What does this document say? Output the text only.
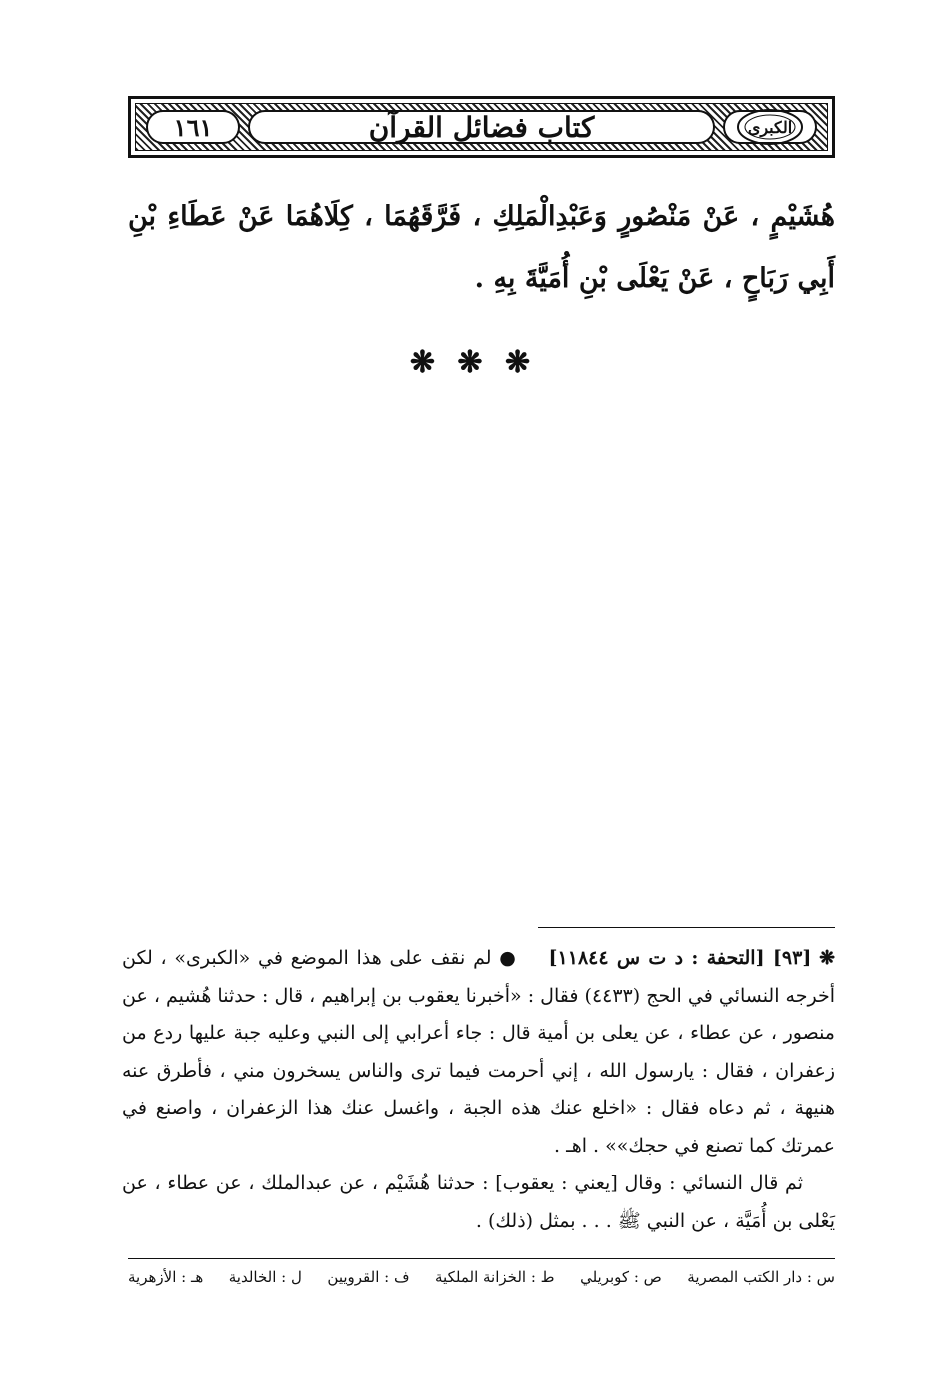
الكبرى
كتاب فضائل القرآن
١٦١
هُشَيْمٍ ، عَنْ مَنْصُورٍ وَعَبْدِالْمَلِكِ ، فَرَّقَهُمَا ، كِلَاهُمَا عَنْ عَطَاءِ بْنِ أَبِي رَبَاحٍ ، عَنْ يَعْلَى بْنِ أُمَيَّةَ بِهِ .
❋ ❋ ❋

❋ [٩٣] [التحفة : د ت س ١١٨٤٤]    ● لم نقف على هذا الموضع في «الكبرى» ، لكن أخرجه النسائي في الحج (٤٤٣٣) فقال : «أخبرنا يعقوب بن إبراهيم ، قال : حدثنا هُشيم ، عن منصور ، عن عطاء ، عن يعلى بن أمية قال : جاء أعرابي إلى النبي وعليه جبة عليها ردع من زعفران ، فقال : يارسول الله ، إني أحرمت فيما ترى والناس يسخرون مني ، فأطرق عنه هنيهة ، ثم دعاه فقال : «اخلع عنك هذه الجبة ، واغسل عنك هذا الزعفران ، واصنع في عمرتك كما تصنع في حجك»» . اهـ .

ثم قال النسائي : وقال [يعني : يعقوب] : حدثنا هُشَيْم ، عن عبدالملك ، عن عطاء ، عن يَعْلى بن أُمَيَّة ، عن النبي ﷺ . . . بمثل (ذلك) .

س : دار الكتب المصرية
ص : كوبريلي
ط : الخزانة الملكية
ف : القرويين
ل : الخالدية
هـ : الأزهرية
